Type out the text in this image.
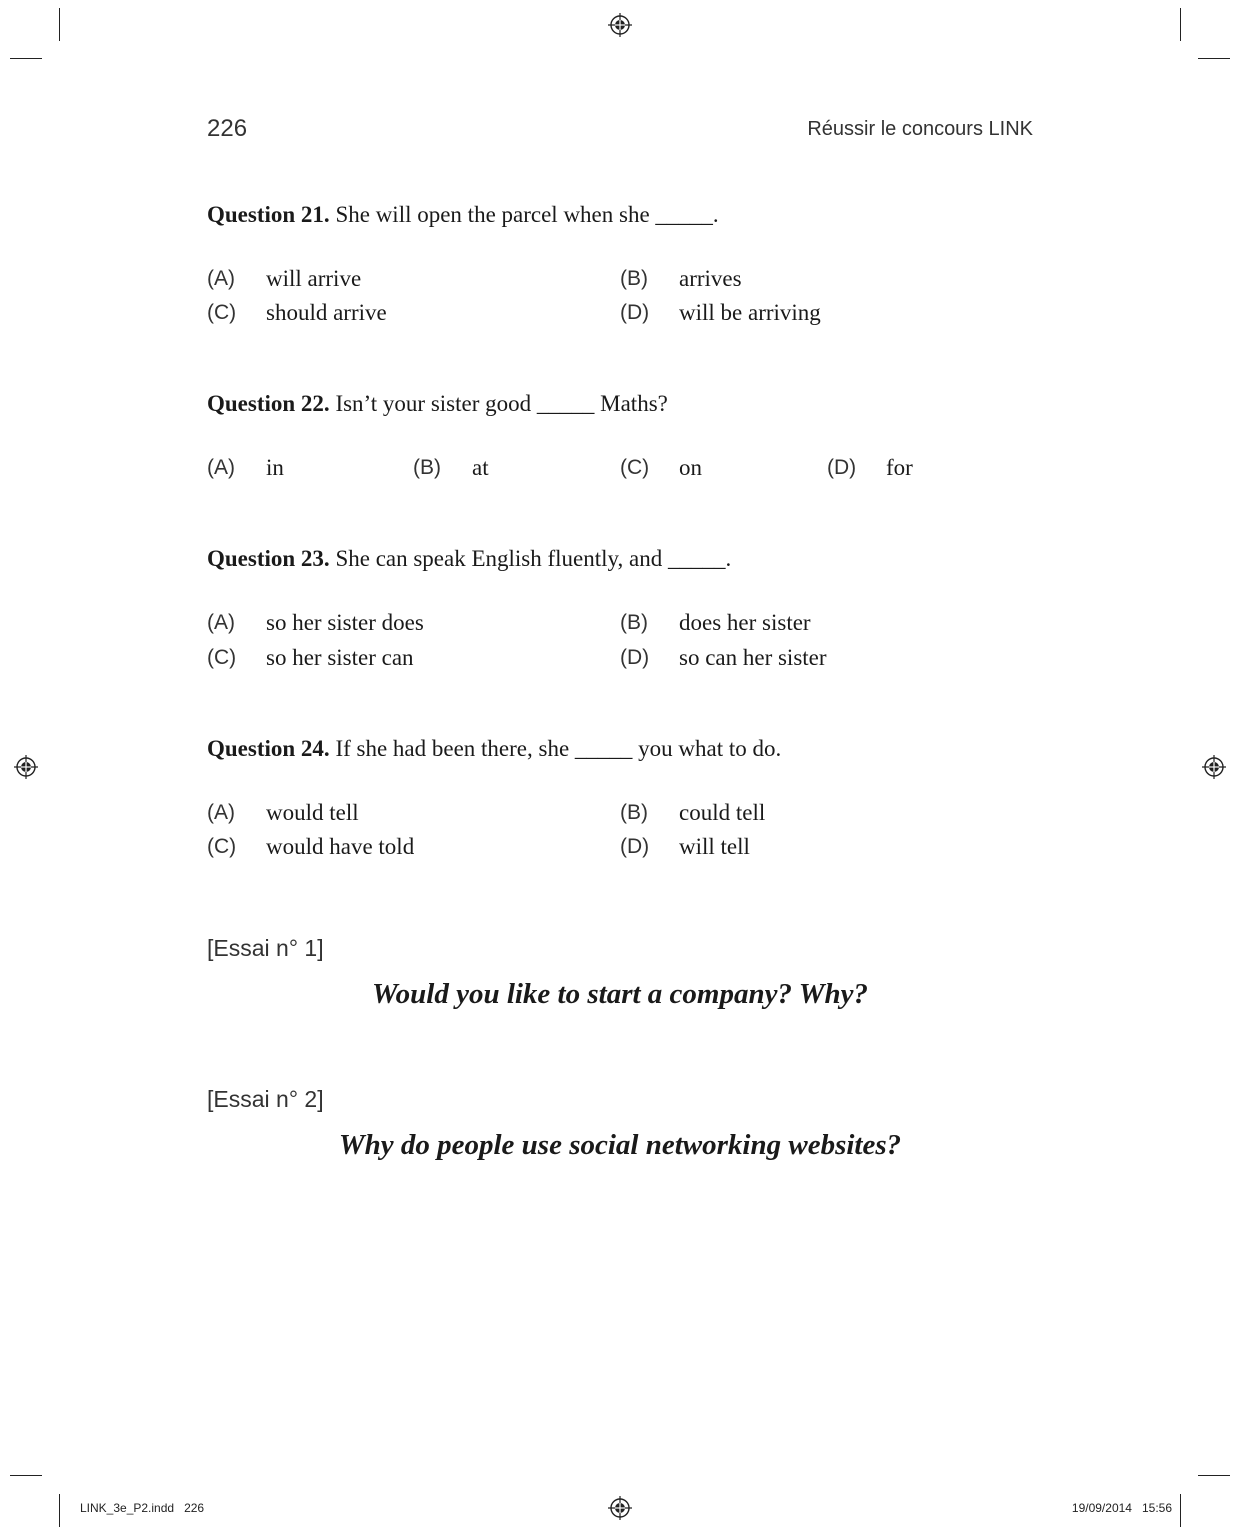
226	Réussir le concours LINK
Question 21. She will open the parcel when she _____.
(A) will arrive	(B) arrives
(C) should arrive	(D) will be arriving
Question 22. Isn’t your sister good _____ Maths?
(A) in	(B) at	(C) on	(D) for
Question 23. She can speak English fluently, and _____.
(A) so her sister does	(B) does her sister
(C) so her sister can	(D) so can her sister
Question 24. If she had been there, she _____ you what to do.
(A) would tell	(B) could tell
(C) would have told	(D) will tell
[Essai n° 1]
Would you like to start a company? Why?
[Essai n° 2]
Why do people use social networking websites?
LINK_3e_P2.indd   226	19/09/2014   15:56
